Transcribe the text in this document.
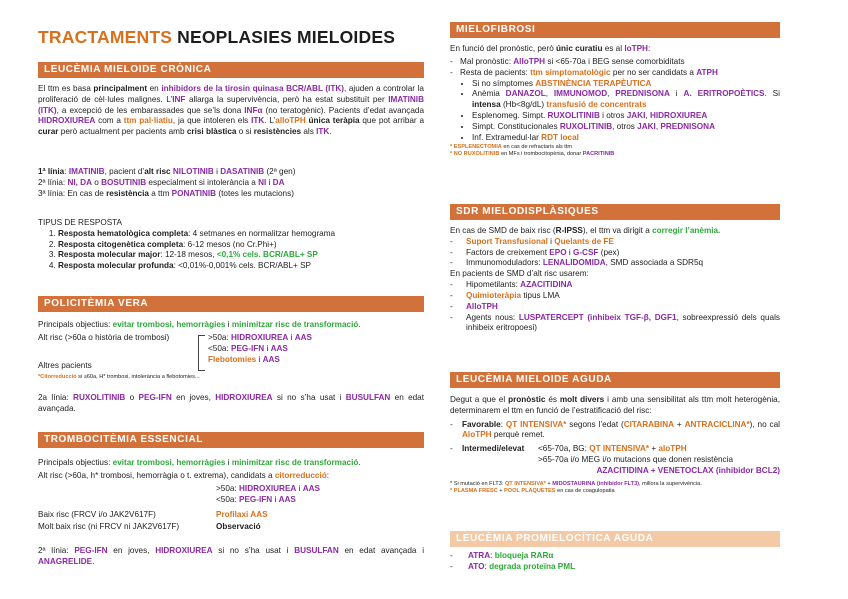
TRACTAMENTS NEOPLASIES MIELOIDES
LEUCÈMIA MIELOIDE CRÒNICA
El ttm es basa principalment en inhibidors de la tirosin quinasa BCR/ABL (ITK), ajuden a controlar la proliferació de cèl·lules malignes. L’INF allarga la supervivència, però ha estat substituït per IMATINIB (ITK), a excepció de les embarassades que se’ls dona INFα (no teratogènic). Pacients d’edat avançada HIDROXIUREA com a ttm pal·liatiu, ja que intoleren els ITK. L’alloTPH única teràpia que pot arribar a curar però actualment per pacients amb crisi blàstica o si resistències als ITK.

1ª línia: IMATINIB, pacient d’alt risc NILOTINIB i DASATINIB (2ª gen)

2ª línia: NI, DA o BOSUTINIB especialment si intolerància a NI i DA

3ª línia: En cas de resistència a ttm PONATINIB (totes les mutacions)

TIPUS DE RESPOSTA

1. Resposta hematològica completa: 4 setmanes en normalitzar hemograma
2. Resposta citogenètica completa: 6-12 mesos (no Cr.Phi+)
3. Resposta molecular major: 12-18 mesos, <0,1% cels. BCR/ABL+ SP
4. Resposta molecular profunda: <0,01%-0,001% cels. BCR/ABL+ SP
POLICITÈMIA VERA
Principals objectius: evitar trombosi, hemorràgies i minimitzar risc de transformació.
Alt risc (>60a o història de trombosi)	>50a: HIDROXIUREA i AAS

<50a: PEG-IFN i AAS

Flebotomies i AAS

Altres pacients
*Citorreducció si ≥60a, H* trombosi, intolerància a flebotomies...
2a línia: RUXOLITINIB o PEG-IFN en joves, HIDROXIUREA si no s’ha usat i BUSULFAN en edat avançada.
TROMBOCITÈMIA ESSENCIAL
Principals objectius: evitar trombosi, hemorràgies i minimitzar risc de transformació.
Alt risc (>60a, h* trombosi, hemorràgia o t. extrema), candidats a citorreducció:

>50a: HIDROXIUREA i AAS

<50a: PEG-IFN i AAS

Baix risc (FRCV i/o JAK2V617F)	Profilaxi AAS
Molt baix risc (ni FRCV ni JAK2V617F)	Observació
2ª línia: PEG-IFN en joves, HIDROXIUREA si no s’ha usat i BUSULFAN en edat avançada i ANAGRELIDE.
MIELOFIBROSI
En funció del pronòstic, però únic curatiu es al loTPH:
- Mal pronòstic: AlloTPH si <65-70a i BEG sense comorbiditats
- Resta de pacients: ttm simptomatològic per no ser candidats a ATPH
• Si no símptomes ABSTINÈNCIA TERAPÈUTICA
• Anèmia DANAZOL, IMMUNOMOD, PREDNISONA i A. ERITROPOÈTICS. Si intensa (Hb<8g/dL) transfusió de concentrats
• Esplenomeg. Simpt. RUXOLITINIB i otros JAKI, HIDROXIUREA
• Simpt. Constitucionales RUXOLITINIB, otros JAKI, PREDNISONA
• Inf. Extramedul·lar RDT local

* ESPLENECTOMIA en cas de refractaris als ttm

* NO RUXOLITINIB en MFs i trombocitopènia, donar PACRITINIB

SDR MIELODISPLÀSIQUES

En cas de SMD de baix risc (R-IPSS), el ttm va dirigit a corregir l’anèmia.

-	Suport Transfusional i Quelants de FE
-	Factors de creixement EPO i G-CSF (pex)
-	Immunomoduladors: LENALIDOMIDA, SMD associada a SDR5q

En pacients de SMD d’alt risc usarem:

-	Hipometilants: AZACITIDINA
-	Quimioteràpia tipus LMA
-	AlloTPH
-	Agents nous: LUSPATERCEPT (inhibeix TGF-β, DGF1, sobreexpressió dels quals inhibeix eritropoesi)
LEUCÈMIA MIELOIDE AGUDA

Degut a que el pronòstic és molt divers i amb una sensibilitat als ttm molt heterogènia, determinarem el ttm en funció de l’estratificació del risc:

-	Favorable: QT INTENSIVA* segons l’edat (CITARABINA + ANTRACICLINA*), no cal AloTPH perquè remet.
-	Intermedi/elevat	<65-70a, BG: QT INTENSIVA* + aloTPH
>65-70a i/o MEG i/o mutacions que donen resistència
AZACITIDINA + VENETOCLAX (inhibidor BCL2)

* Si mutació en FLT3: QT INTENSIVA* + MIDOSTAURINA (inhibidor FLT3), millora la supervivència.

* PLASMA FRESC + POOL PLAQUETES en cas de coagulopatia

LEUCÈMIA PROMIELOCÍTICA AGUDA
-	ATRA: bloqueja RARα
-	ATO: degrada proteïna PML
